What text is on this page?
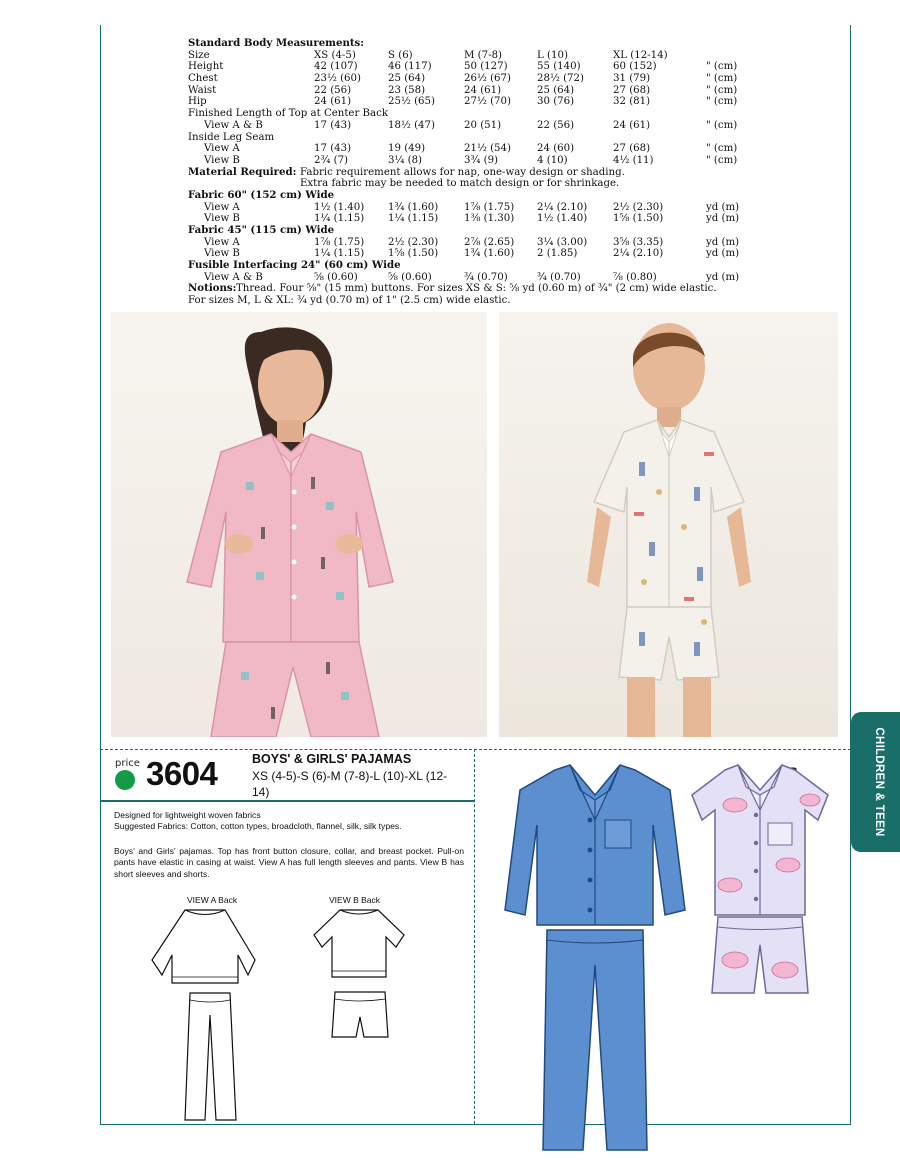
Standard Body Measurements:
Size	XS (4-5)	S (6)	M (7-8)	L (10)	XL (12-14)
Height	42 (107)	46 (117)	50 (127)	55 (140)	60 (152)	" (cm)
Chest	23½ (60)	25 (64)	26½ (67)	28½ (72)	31 (79)	" (cm)
Waist	22 (56)	23 (58)	24 (61)	25 (64)	27 (68)	" (cm)
Hip	24 (61)	25½ (65)	27½ (70)	30 (76)	32 (81)	" (cm)
Finished Length of Top at Center Back
View A & B	17 (43)	18½ (47)	20 (51)	22 (56)	24 (61)	" (cm)
Inside Leg Seam
View A	17 (43)	19 (49)	21½ (54)	24 (60)	27 (68)	" (cm)
View B	2¾ (7)	3¼ (8)	3¾ (9)	4 (10)	4½ (11)	" (cm)
Material Required: Fabric requirement allows for nap, one-way design or shading.
Extra fabric may be needed to match design or for shrinkage.
Fabric 60" (152 cm) Wide
View A	1½ (1.40) 1¾ (1.60)	1⅞ (1.75) 2¼ (2.10)	2½ (2.30)	yd (m)
View B	1¼ (1.15) 1¼ (1.15)	1⅜ (1.30) 1½ (1.40)	1⅝ (1.50)	yd (m)
Fabric 45" (115 cm) Wide
View A	1⅞ (1.75) 2½ (2.30)	2⅞ (2.65) 3¼ (3.00)	3⅝ (3.35)	yd (m)
View B	1¼ (1.15) 1⅝ (1.50)	1¾ (1.60) 2 (1.85)	2¼ (2.10)	yd (m)
Fusible Interfacing 24" (60 cm) Wide
View A & B	⅝ (0.60)	⅝ (0.60)	¾ (0.70)	¾ (0.70)	⅞ (0.80)	yd (m)
Notions: Thread. Four ⅝" (15 mm) buttons. For sizes XS & S: ⅝ yd (0.60 m) of ¾" (2 cm) wide elastic.
For sizes M, L & XL: ¾ yd (0.70 m) of 1" (2.5 cm) wide elastic.
CHILDREN & TEEN
price 3604	BOYS' & GIRLS' PAJAMAS
XS (4-5)-S (6)-M (7-8)-L (10)-XL (12-14)
Designed for lightweight woven fabrics
Suggested Fabrics: Cotton, cotton types, broadcloth, flannel, silk, silk types.
Boys' and Girls' pajamas. Top has front button closure, collar, and breast pocket. Pull-on pants have elastic in casing at waist. View A has full length sleeves and pants. View B has short sleeves and shorts.
VIEW A Back	VIEW B Back
